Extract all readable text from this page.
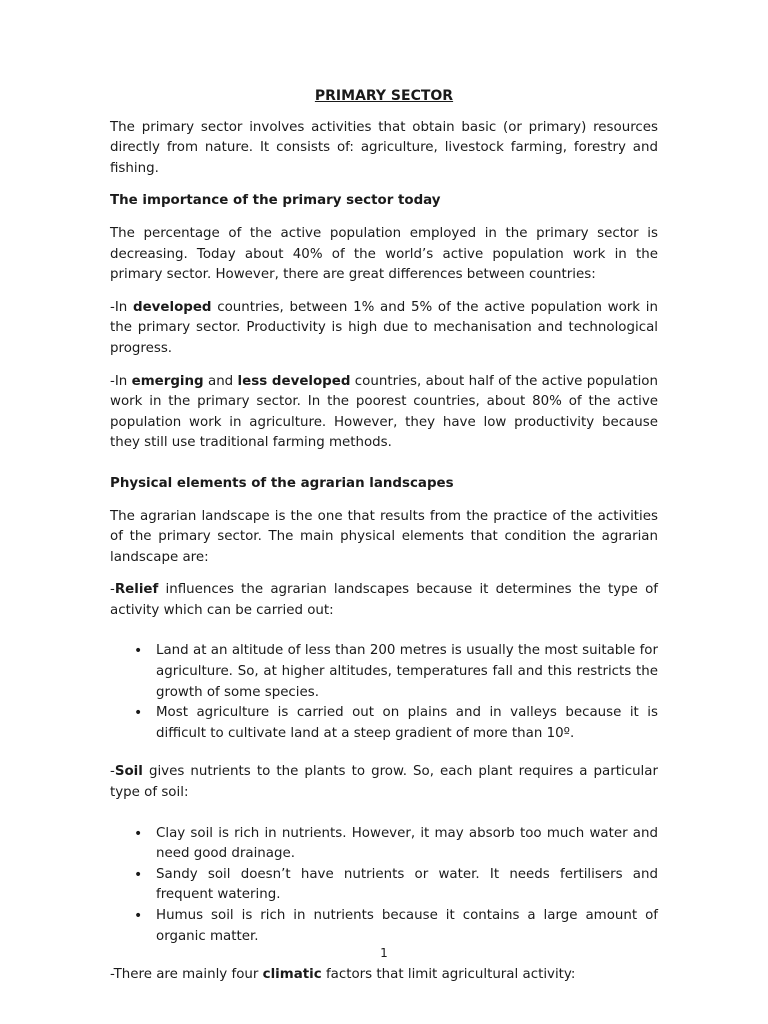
PRIMARY SECTOR

The primary sector involves activities that obtain basic (or primary) resources directly from nature. It consists of: agriculture, livestock farming, forestry and fishing.

The importance of the primary sector today

The percentage of the active population employed in the primary sector is decreasing. Today about 40% of the world’s active population work in the primary sector. However, there are great differences between countries:

-In developed countries, between 1% and 5% of the active population work in the primary sector. Productivity is high due to mechanisation and technological progress.

-In emerging and less developed countries, about half of the active population work in the primary sector. In the poorest countries, about 80% of the active population work in agriculture. However, they have low productivity because they still use traditional farming methods.

Physical elements of the agrarian landscapes

The agrarian landscape is the one that results from the practice of the activities of the primary sector. The main physical elements that condition the agrarian landscape are:

-Relief influences the agrarian landscapes because it determines the type of activity which can be carried out:

• Land at an altitude of less than 200 metres is usually the most suitable for agriculture. So, at higher altitudes, temperatures fall and this restricts the growth of some species.
• Most agriculture is carried out on plains and in valleys because it is difficult to cultivate land at a steep gradient of more than 10º.

-Soil gives nutrients to the plants to grow. So, each plant requires a particular type of soil:

• Clay soil is rich in nutrients. However, it may absorb too much water and need good drainage.
• Sandy soil doesn’t have nutrients or water. It needs fertilisers and frequent watering.
• Humus soil is rich in nutrients because it contains a large amount of organic matter.

-There are mainly four climatic factors that limit agricultural activity:

1
